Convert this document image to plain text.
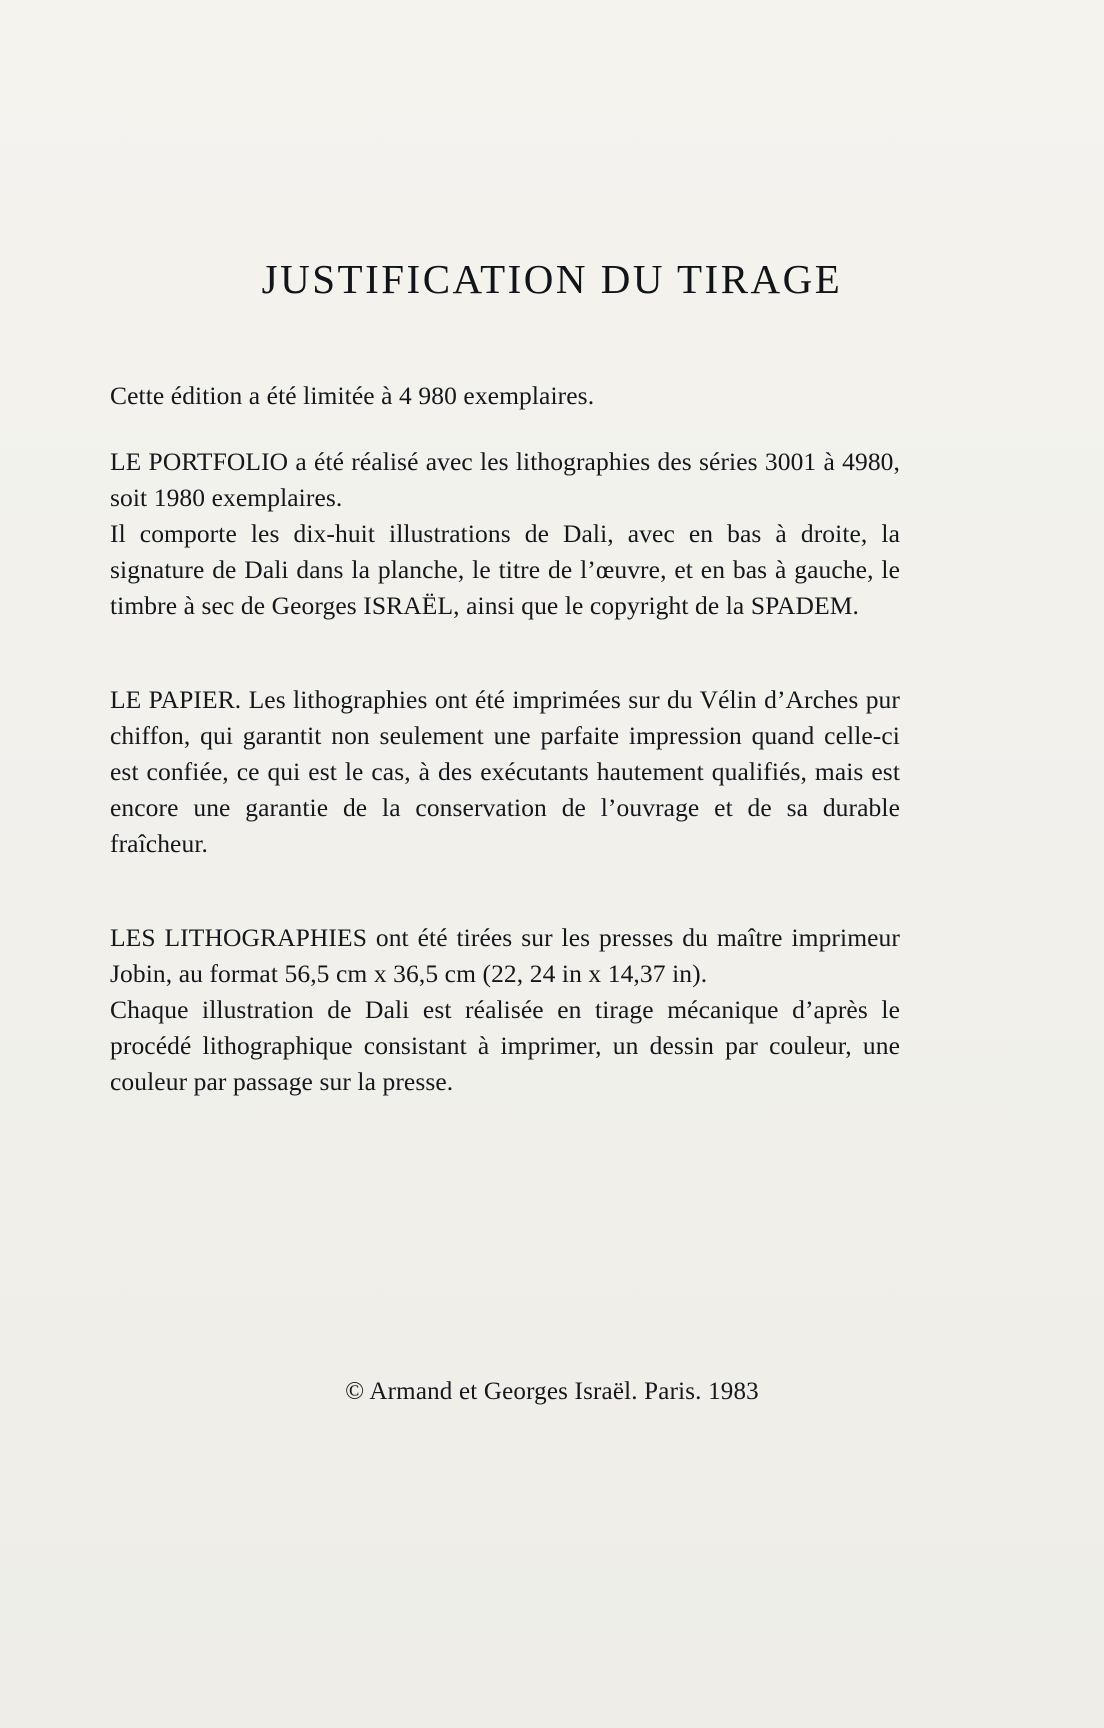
JUSTIFICATION DU TIRAGE

Cette édition a été limitée à 4 980 exemplaires.

LE PORTFOLIO a été réalisé avec les lithographies des séries 3001 à 4980, soit 1980 exemplaires.

Il comporte les dix-huit illustrations de Dali, avec en bas à droite, la signature de Dali dans la planche, le titre de l’œuvre, et en bas à gauche, le timbre à sec de Georges ISRAËL, ainsi que le copyright de la SPADEM.

LE PAPIER. Les lithographies ont été imprimées sur du Vélin d’Arches pur chiffon, qui garantit non seulement une parfaite impression quand celle-ci est confiée, ce qui est le cas, à des exécutants hautement qualifiés, mais est encore une garantie de la conservation de l’ouvrage et de sa durable fraîcheur.

LES LITHOGRAPHIES ont été tirées sur les presses du maître imprimeur Jobin, au format 56,5 cm x 36,5 cm (22, 24 in x 14,37 in).

Chaque illustration de Dali est réalisée en tirage mécanique d’après le procédé lithographique consistant à imprimer, un dessin par couleur, une couleur par passage sur la presse.

© Armand et Georges Israël. Paris. 1983
